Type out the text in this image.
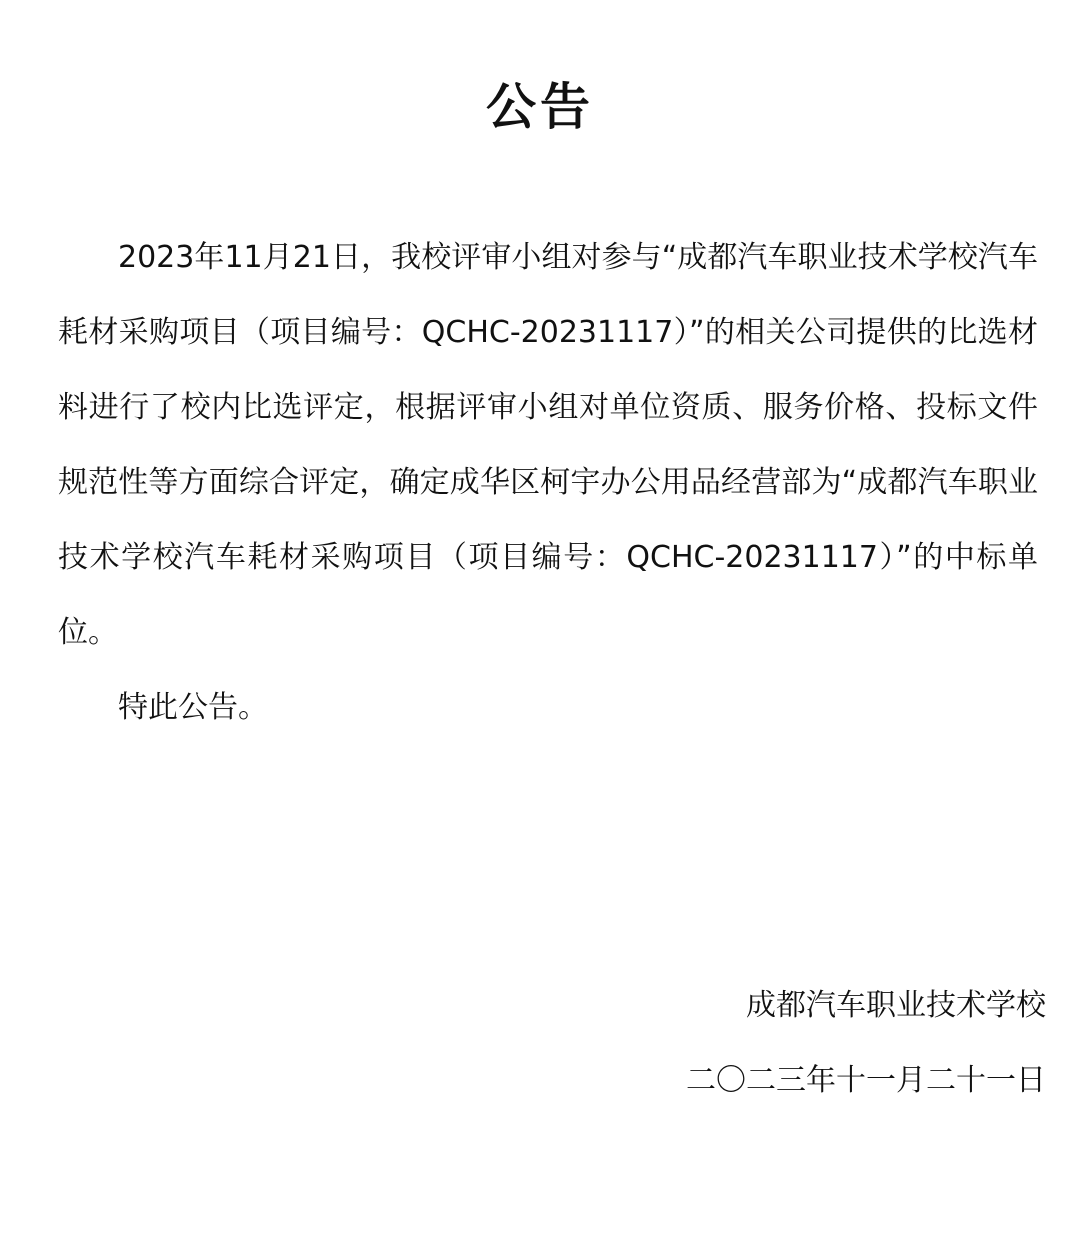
公告

2023年11月21日，我校评审小组对参与“成都汽车职业技术学校汽车耗材采购项目（项目编号：QCHC-20231117）”的相关公司提供的比选材料进行了校内比选评定，根据评审小组对单位资质、服务价格、投标文件规范性等方面综合评定，确定成华区柯宇办公用品经营部为“成都汽车职业技术学校汽车耗材采购项目（项目编号：QCHC-20231117）”的中标单位。

特此公告。

成都汽车职业技术学校
二〇二三年十一月二十一日
